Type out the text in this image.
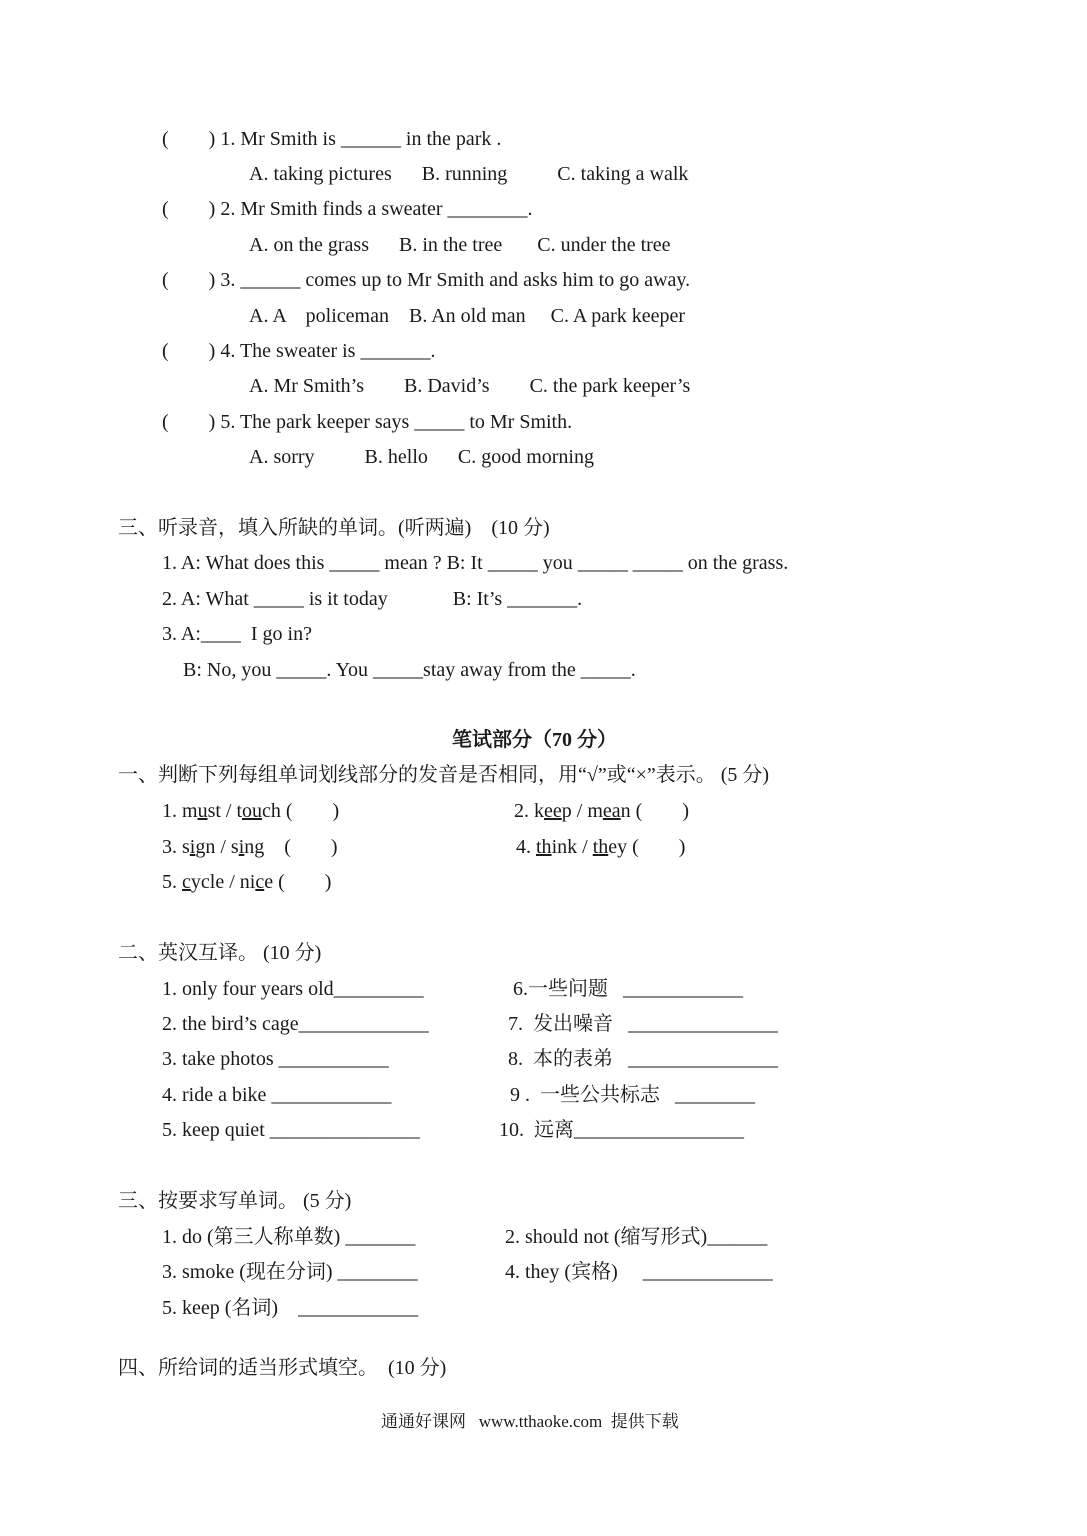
(        ) 1. Mr Smith is ______ in the park .
A. taking pictures      B. running          C. taking a walk
(        ) 2. Mr Smith finds a sweater ________.
A. on the grass      B. in the tree       C. under the tree
(        ) 3. ______ comes up to Mr Smith and asks him to go away.
A. A    policeman    B. An old man     C. A park keeper
(        ) 4. The sweater is _______.
A. Mr Smith’s        B. David’s        C. the park keeper’s
(        ) 5. The park keeper says _____ to Mr Smith.
A. sorry          B. hello      C. good morning
三、听录音，填入所缺的单词。(听两遍)    (10 分)
1. A: What does this _____ mean ? B: It _____ you _____ _____ on the grass.
2. A: What _____ is it today             B: It’s _______.
3. A:____  I go in?
B: No, you _____. You _____stay away from the _____.
笔试部分（70 分）
一、判断下列每组单词划线部分的发音是否相同，用“√”或“×”表示。 (5 分)
1. must / touch (        )	2. keep / mean (        )
3. sign / sing    (        )	4. think / they (        )
5. cycle / nice (        )
二、英汉互译。 (10 分)
1. only four years old_________	6.一些问题   ____________
2. the bird’s cage_____________	7.  发出噪音   _______________
3. take photos ___________	8.  本的表弟   _______________
4. ride a bike ____________	9 .  一些公共标志   ________
5. keep quiet _______________	10.  远离_________________
三、按要求写单词。 (5 分)
1. do (第三人称单数) _______	2. should not (缩写形式)______
3. smoke (现在分词) ________	4. they (宾格)     _____________
5. keep (名词)    ____________
四、所给词的适当形式填空。  (10 分)
通通好课网   www.tthaoke.com  提供下载
